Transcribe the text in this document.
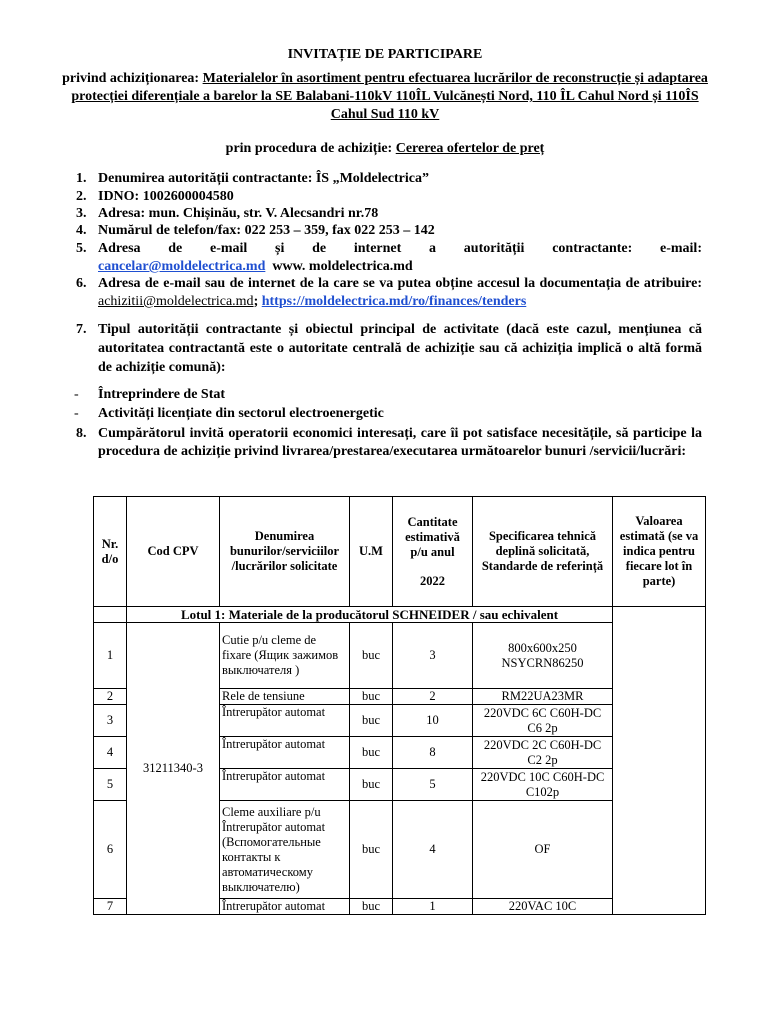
INVITAȚIE DE PARTICIPARE
privind achiziționarea: Materialelor în asortiment pentru efectuarea lucrărilor de reconstrucție și adaptarea protecției diferențiale a barelor la SE Balabani-110kV 110ÎL Vulcănești Nord, 110 ÎL Cahul Nord și 110ÎS Cahul Sud 110 kV
prin procedura de achiziție: Cererea ofertelor de preț
1. Denumirea autorității contractante: ÎS „Moldelectrica”
2. IDNO: 1002600004580
3. Adresa: mun. Chișinău, str. V. Alecsandri nr.78
4. Numărul de telefon/fax: 022 253 – 359, fax 022 253 – 142
5. Adresa de e-mail și de internet a autorității contractante: e-mail:
cancelar@moldelectrica.md www. moldelectrica.md
6. Adresa de e-mail sau de internet de la care se va putea obține accesul la documentația de atribuire: achizitii@moldelectrica.md; https://moldelectrica.md/ro/finances/tenders
7. Tipul autorității contractante și obiectul principal de activitate (dacă este cazul, mențiunea că autoritatea contractantă este o autoritate centrală de achiziție sau că achiziția implică o altă formă de achiziție comună):
- Întreprindere de Stat
- Activități licențiate din sectorul electroenergetic
8. Cumpărătorul invită operatorii economici interesați, care îi pot satisface necesitățile, să participe la procedura de achiziție privind livrarea/prestarea/executarea următoarelor bunuri /servicii/lucrări:
Nr. d/o	Cod CPV	Denumirea bunurilor/serviciilor /lucrărilor solicitate	U.M	Cantitate estimativă p/u anul
2022	Specificarea tehnică deplină solicitată, Standarde de referință	Valoarea estimată (se va indica pentru fiecare lot în parte)
	Lotul 1: Materiale de la producătorul SCHNEIDER / sau echivalent					
1	31211340-3	Cutie p/u cleme de fixare (Ящик зажимов выключателя )	buc	3	800x600x250 NSYCRN86250	
2		Rele de tensiune	buc	2	RM22UA23MR	
3		Întrerupător automat	buc	10	220VDC 6C C60H-DC C6 2p	
4		Întrerupător automat	buc	8	220VDC 2C C60H-DC C2 2p	
5		Întrerupător automat	buc	5	220VDC 10C C60H-DC C102p	
6		Cleme auxiliare p/u Întrerupător automat (Вспомогательные контакты к автоматическому выключателю)	buc	4	OF	
7		Întrerupător automat	buc	1	220VAC 10C	
